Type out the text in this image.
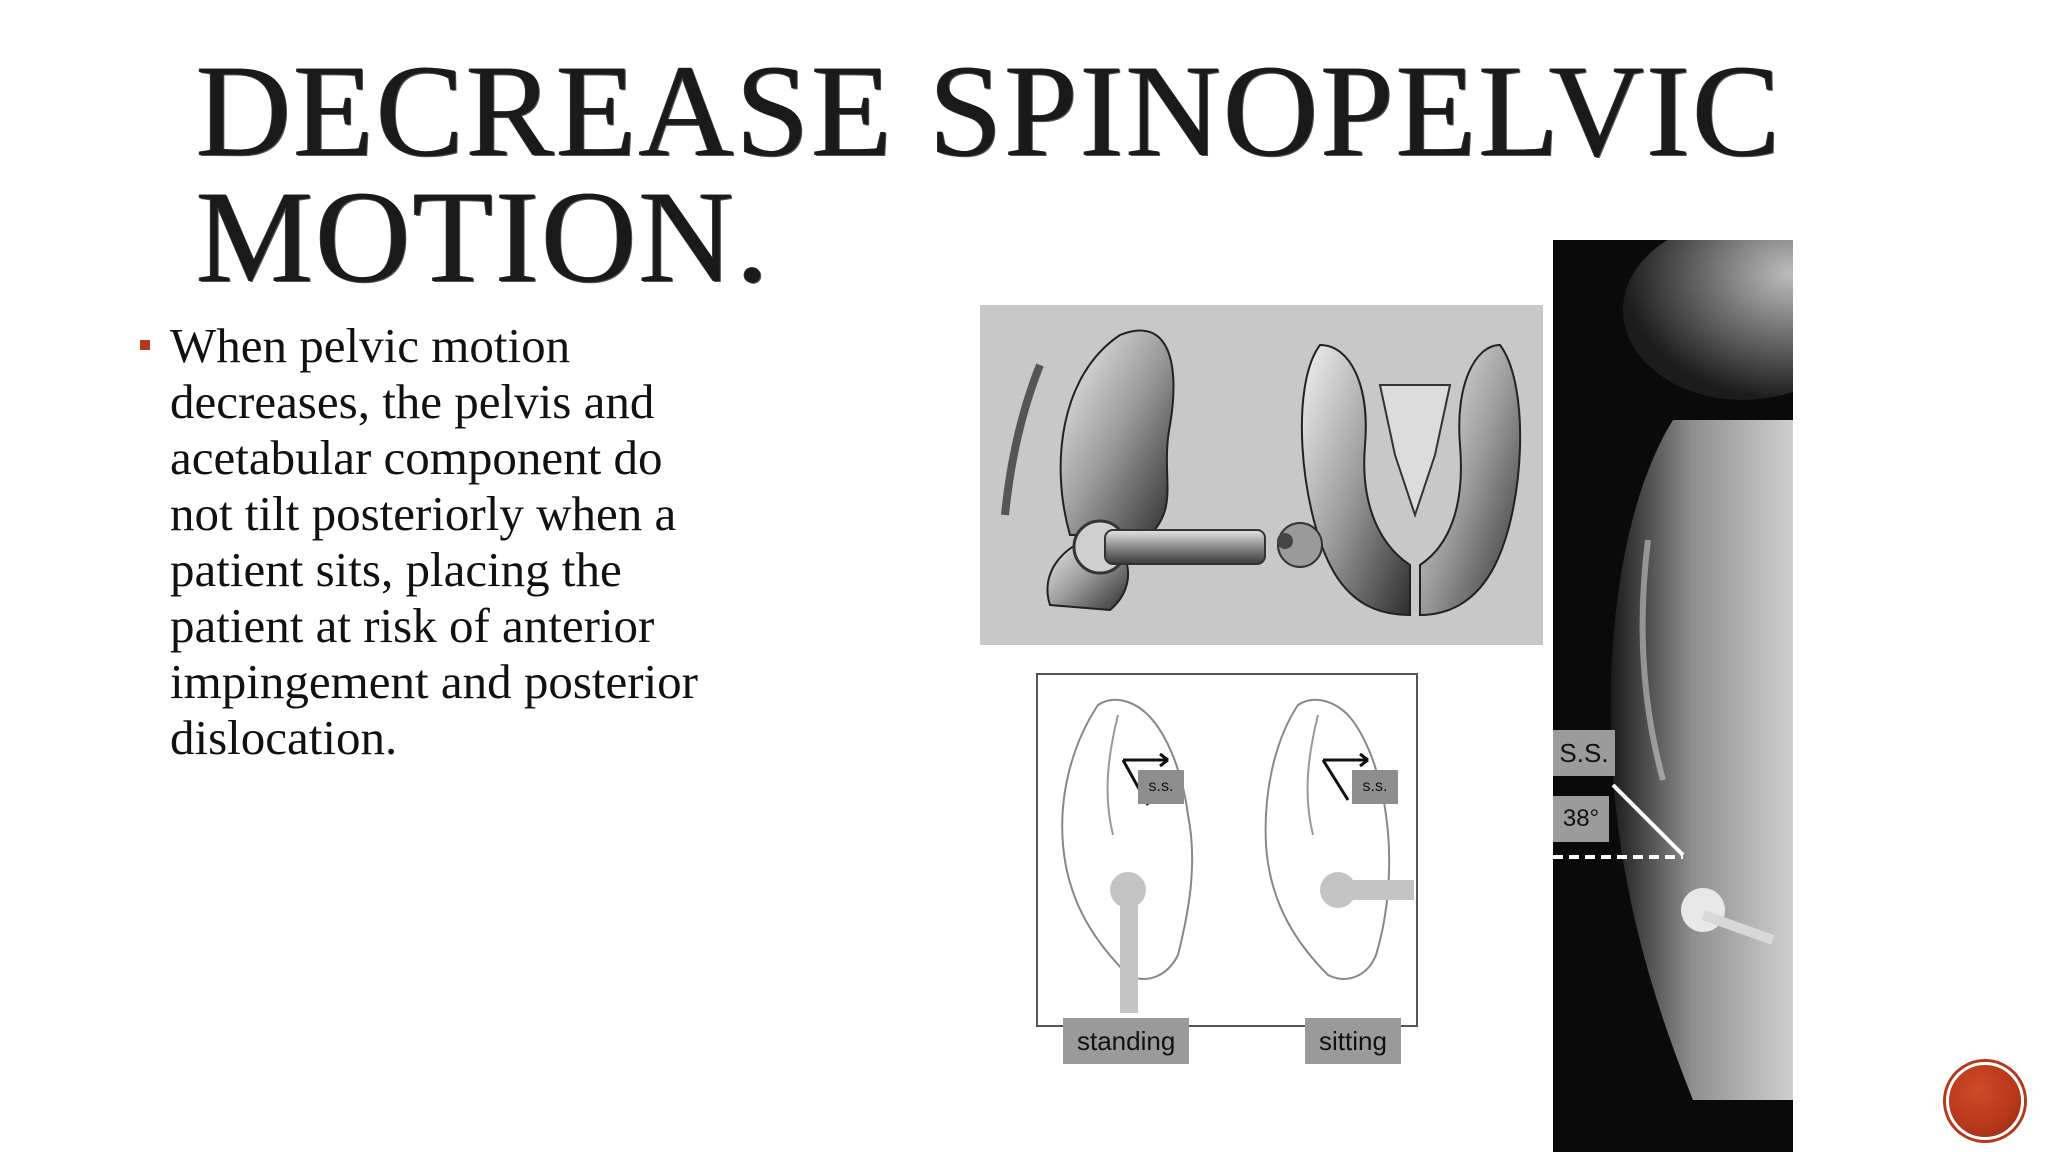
DECREASE SPINOPELVIC
MOTION.
When pelvic motion decreases, the pelvis and acetabular component do not tilt posteriorly when a patient sits, placing the patient at risk of anterior impingement and posterior dislocation.
s.s.	s.s.
standing	sitting
S.S.
38°
